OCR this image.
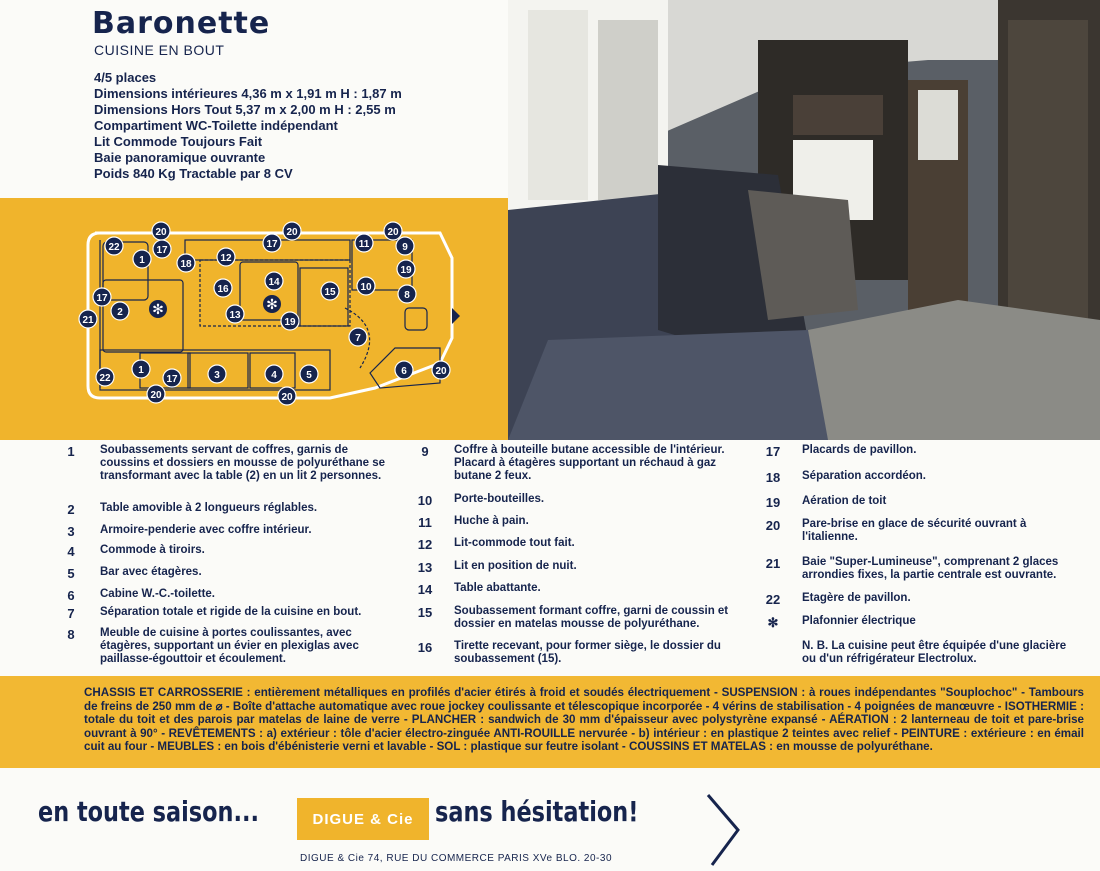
Baronette
CUISINE EN BOUT
4/5 places
Dimensions intérieures 4,36 m x 1,91 m H : 1,87 m
Dimensions Hors Tout 5,37 m x 2,00 m H : 2,55 m
Compartiment WC-Toilette indépendant
Lit Commode Toujours Fait
Baie panoramique ouvrante
Poids 840 Kg Tractable par 8 CV
20
22	17
1	18
12
17
20
11	9
19
8
16
14
15 10
20
17
2
21	13
19
7
22
1
17	3	4	5	6
20	20
20
✻	✻
1	Soubassements servant de coffres, garnis de coussins et dossiers en mousse de polyuréthane se transformant avec la table (2) en un lit 2 personnes.
2	Table amovible à 2 longueurs réglables.
3	Armoire-penderie avec coffre intérieur.
4	Commode à tiroirs.
5	Bar avec étagères.
6	Cabine W.-C.-toilette.
7	Séparation totale et rigide de la cuisine en bout.
8	Meuble de cuisine à portes coulissantes, avec étagères, supportant un évier en plexiglas avec paillasse-égouttoir et écoulement.
9	Coffre à bouteille butane accessible de l'intérieur. Placard à étagères supportant un réchaud à gaz butane 2 feux.
10	Porte-bouteilles.
11	Huche à pain.
12	Lit-commode tout fait.
13	Lit en position de nuit.
14	Table abattante.
15	Soubassement formant coffre, garni de coussin et dossier en matelas mousse de polyuréthane.
16	Tirette recevant, pour former siège, le dossier du soubassement (15).
17	Placards de pavillon.
18	Séparation accordéon.
19	Aération de toit
20	Pare-brise en glace de sécurité ouvrant à l'italienne.
21	Baie "Super-Lumineuse", comprenant 2 glaces arrondies fixes, la partie centrale est ouvrante.
22	Etagère de pavillon.
✻	Plafonnier électrique
N. B. La cuisine peut être équipée d'une glacière ou d'un réfrigérateur Electrolux.
CHASSIS ET CARROSSERIE : entièrement métalliques en profilés d'acier étirés à froid et soudés électriquement - SUSPENSION : à roues indépendantes "Souplochoc" - Tambours de freins de 250 mm de ⌀ - Boîte d'attache automatique avec roue jockey coulissante et télescopique incorporée - 4 vérins de stabilisation - 4 poignées de manœuvre - ISOTHERMIE : totale du toit et des parois par matelas de laine de verre - PLANCHER : sandwich de 30 mm d'épaisseur avec polystyrène expansé - AÉRATION : 2 lanterneau de toit et pare-brise ouvrant à 90° - REVÊTEMENTS : a) extérieur : tôle d'acier électro-zinguée ANTI-ROUILLE nervurée - b) intérieur : en plastique 2 teintes avec relief - PEINTURE : extérieure : en émail cuit au four - MEUBLES : en bois d'ébénisterie verni et lavable - SOL : plastique sur feutre isolant - COUSSINS ET MATELAS : en mousse de polyuréthane.
en toute saison...	DIGUE & Cie sans hésitation!
DIGUE & Cie 74, RUE DU COMMERCE PARIS XVe BLO. 20-30
